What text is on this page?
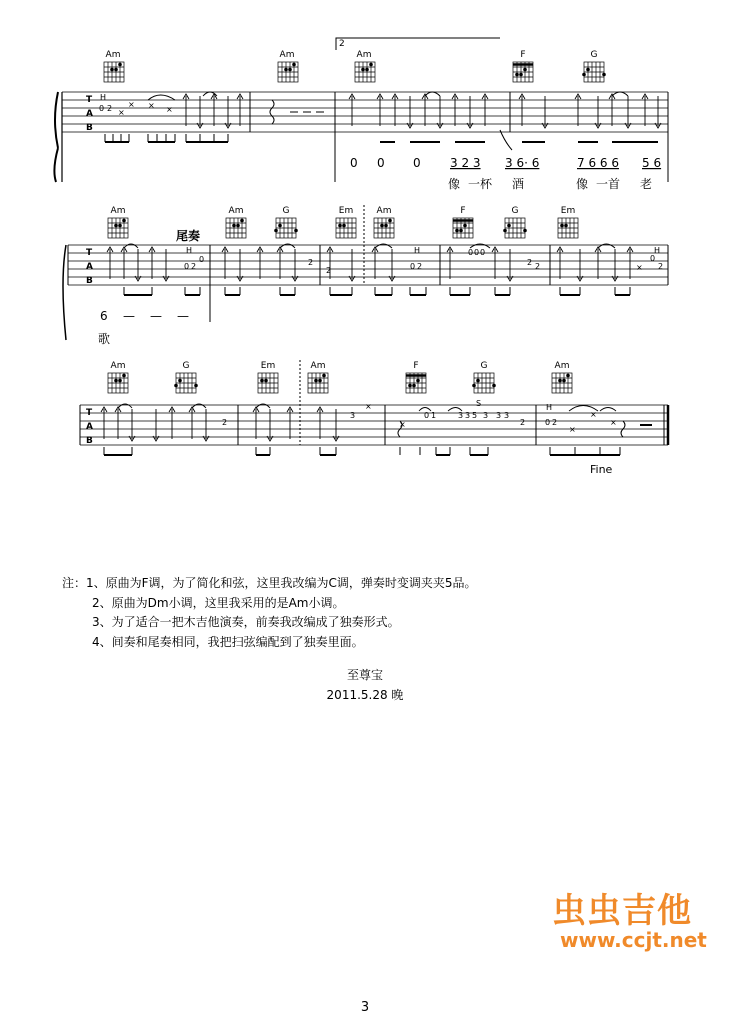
2
T
A
B
H
0 2 × ×
×	×
0 0 0 3 2 3 3 6· 6	7 6 6 6 5 6
像 一杯 酒	像 一首 老
Am	Am	Am	F	G
T
A
B
尾奏
H
0 2
0	2
2	0 2
H	0 0 0
2 2
0
2
H
×
6 — — —
歌
Am	Am	G	Em	Am	F	G	Em
T
A
B
2
3
×
×
0 1	3 3 5 3 3 3
S
2
H
0 2
×
×
×
Fine
Am	G	Em	Am	F	G	Am
注：1、原曲为F调，为了简化和弦，这里我改编为C调，弹奏时变调夹夹5品。
2、原曲为Dm小调，这里我采用的是Am小调。
3、为了适合一把木吉他演奏，前奏我改编成了独奏形式。
4、间奏和尾奏相同，我把扫弦编配到了独奏里面。
至尊宝
2011.5.28 晚
虫虫吉他
www.ccjt.net
3
